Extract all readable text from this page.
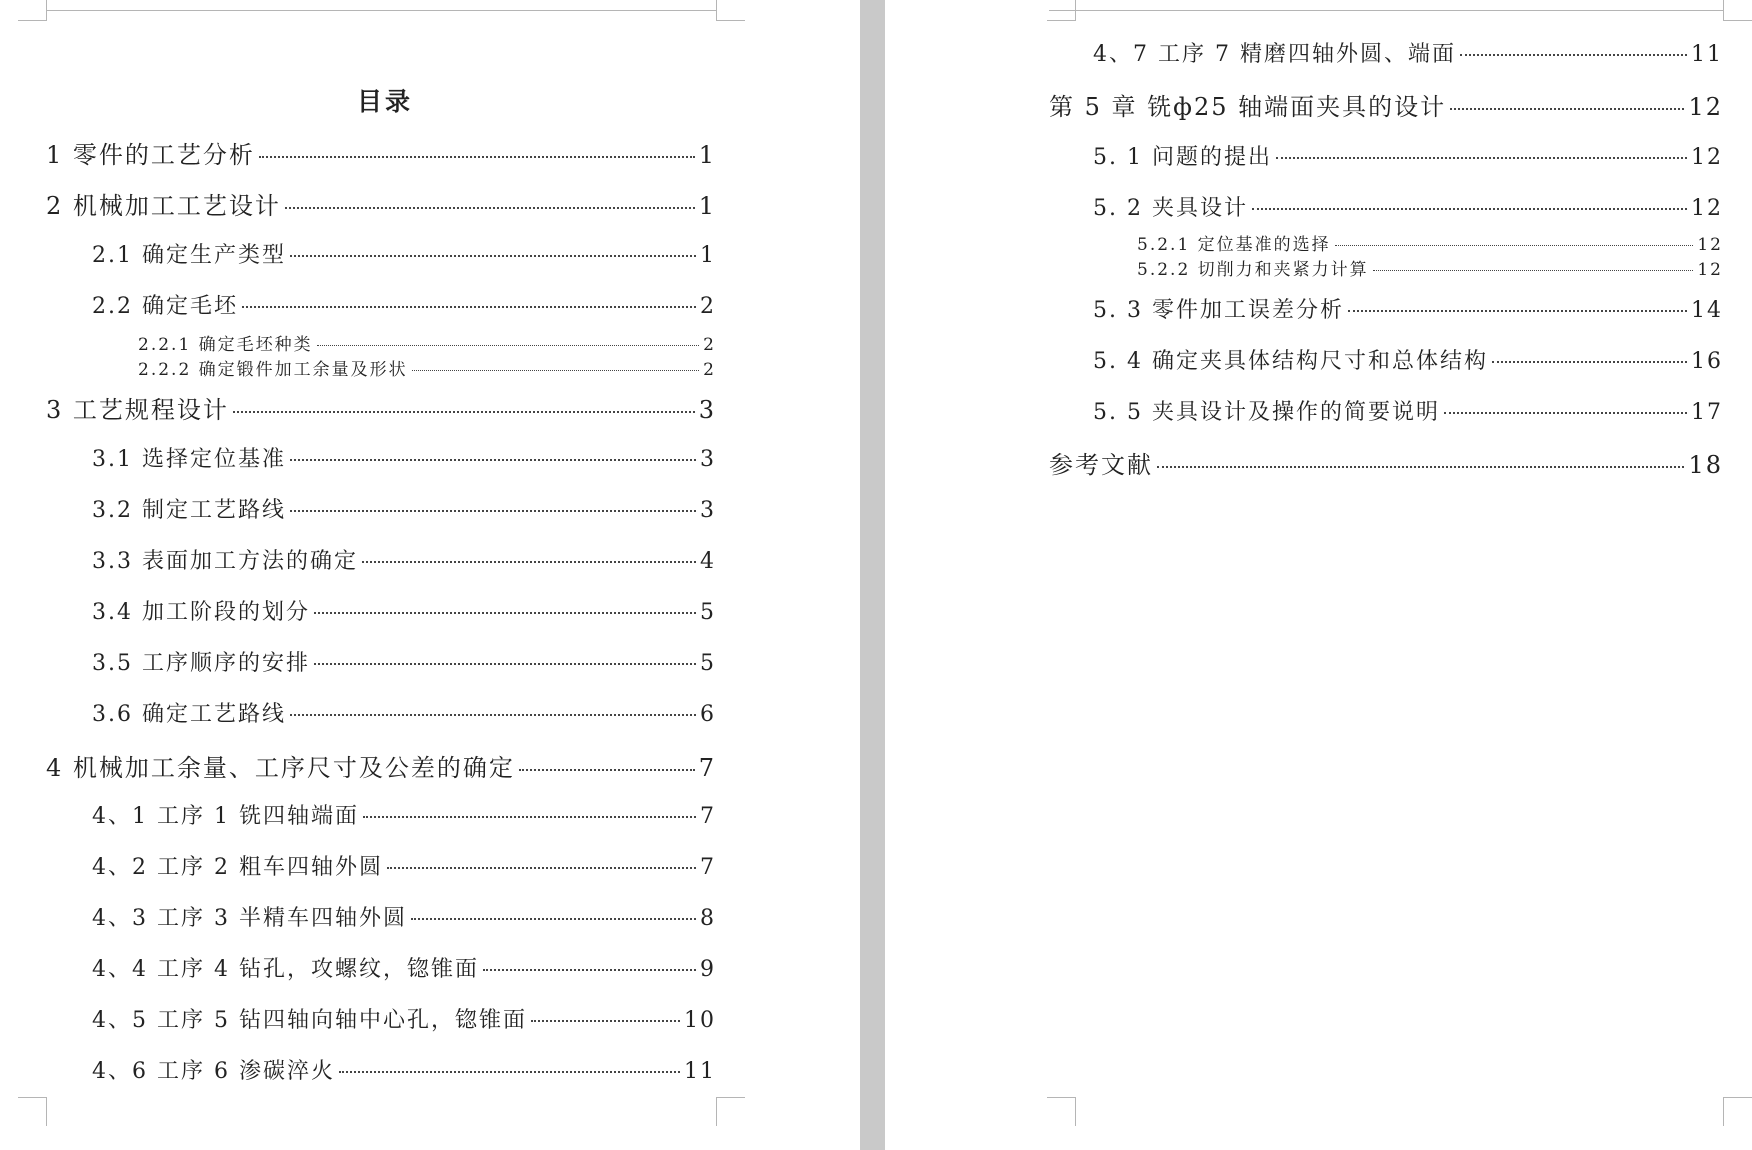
目录
1 零件的工艺分析	1
2 机械加工工艺设计	1
2.1 确定生产类型	1
2.2 确定毛坯	2
2.2.1 确定毛坯种类	2
2.2.2 确定锻件加工余量及形状	2
3 工艺规程设计	3
3.1 选择定位基准	3
3.2 制定工艺路线	3
3.3 表面加工方法的确定	4
3.4 加工阶段的划分	5
3.5 工序顺序的安排	5
3.6 确定工艺路线	6
4 机械加工余量、工序尺寸及公差的确定	7
4、1 工序 1 铣四轴端面	7
4、2 工序 2 粗车四轴外圆	7
4、3 工序 3 半精车四轴外圆	8
4、4 工序 4 钻孔，攻螺纹，锪锥面	9
4、5 工序 5 钻四轴向轴中心孔，锪锥面	10
4、6 工序 6 渗碳淬火	11
4、7 工序 7 精磨四轴外圆、端面	11
第 5 章 铣ф25 轴端面夹具的设计	12
5. 1 问题的提出	12
5. 2 夹具设计	12
5.2.1 定位基准的选择	12
5.2.2 切削力和夹紧力计算	12
5. 3 零件加工误差分析	14
5. 4 确定夹具体结构尺寸和总体结构	16
5. 5 夹具设计及操作的简要说明	17
参考文献	18
